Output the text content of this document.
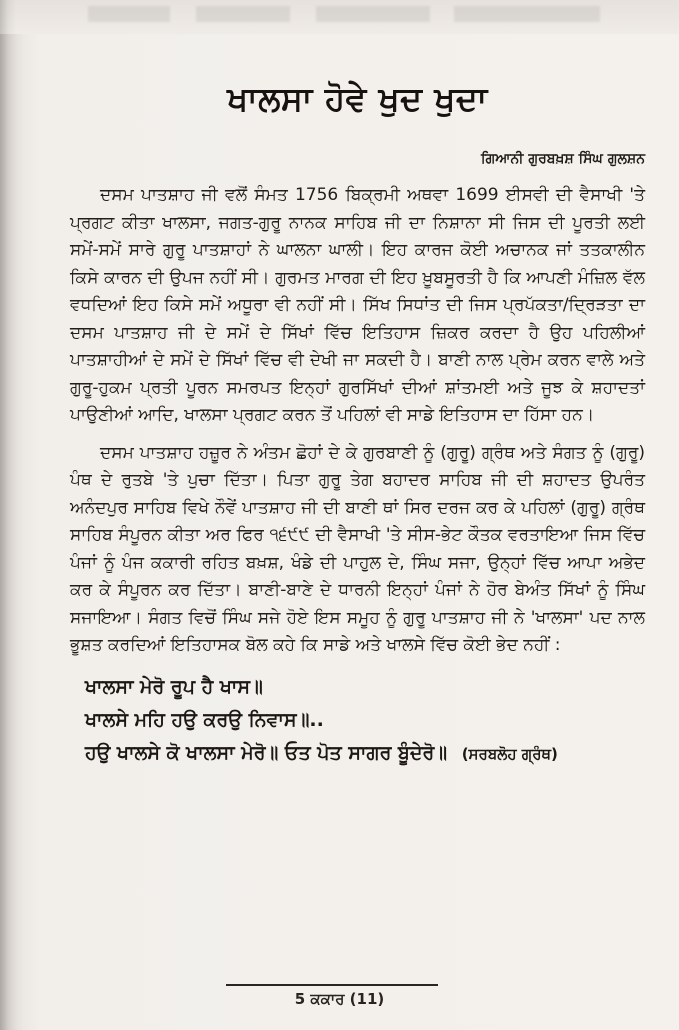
ਖਾਲਸਾ ਹੋਵੇ ਖੁਦ ਖੁਦਾ
ਗਿਆਨੀ ਗੁਰਬਖ਼ਸ਼ ਸਿੰਘ ਗੁਲਸ਼ਨ

ਦਸਮ ਪਾਤਸ਼ਾਹ ਜੀ ਵਲੋਂ ਸੰਮਤ 1756 ਬਿਕ੍ਰਮੀ ਅਥਵਾ 1699 ਈਸਵੀ ਦੀ ਵੈਸਾਖੀ 'ਤੇ ਪ੍ਰਗਟ ਕੀਤਾ ਖਾਲਸਾ, ਜਗਤ-ਗੁਰੂ ਨਾਨਕ ਸਾਹਿਬ ਜੀ ਦਾ ਨਿਸ਼ਾਨਾ ਸੀ ਜਿਸ ਦੀ ਪੂਰਤੀ ਲਈ ਸਮੇਂ-ਸਮੇਂ ਸਾਰੇ ਗੁਰੂ ਪਾਤਸ਼ਾਹਾਂ ਨੇ ਘਾਲਨਾ ਘਾਲੀ। ਇਹ ਕਾਰਜ ਕੋਈ ਅਚਾਨਕ ਜਾਂ ਤਤਕਾਲੀਨ ਕਿਸੇ ਕਾਰਨ ਦੀ ਉਪਜ ਨਹੀਂ ਸੀ। ਗੁਰਮਤ ਮਾਰਗ ਦੀ ਇਹ ਖ਼ੂਬਸੂਰਤੀ ਹੈ ਕਿ ਆਪਣੀ ਮੰਜ਼ਿਲ ਵੱਲ ਵਧਦਿਆਂ ਇਹ ਕਿਸੇ ਸਮੇਂ ਅਧੂਰਾ ਵੀ ਨਹੀਂ ਸੀ। ਸਿੱਖ ਸਿਧਾਂਤ ਦੀ ਜਿਸ ਪ੍ਰਪੱਕਤਾ/ਦ੍ਰਿੜਤਾ ਦਾ ਦਸਮ ਪਾਤਸ਼ਾਹ ਜੀ ਦੇ ਸਮੇਂ ਦੇ ਸਿੱਖਾਂ ਵਿੱਚ ਇਤਿਹਾਸ ਜ਼ਿਕਰ ਕਰਦਾ ਹੈ ਉਹ ਪਹਿਲੀਆਂ ਪਾਤਸ਼ਾਹੀਆਂ ਦੇ ਸਮੇਂ ਦੇ ਸਿੱਖਾਂ ਵਿੱਚ ਵੀ ਦੇਖੀ ਜਾ ਸਕਦੀ ਹੈ। ਬਾਣੀ ਨਾਲ ਪ੍ਰੇਮ ਕਰਨ ਵਾਲੇ ਅਤੇ ਗੁਰੂ-ਹੁਕਮ ਪ੍ਰਤੀ ਪੂਰਨ ਸਮਰਪਤ ਇਨ੍ਹਾਂ ਗੁਰਸਿੱਖਾਂ ਦੀਆਂ ਸ਼ਾਂਤਮਈ ਅਤੇ ਜੂਝ ਕੇ ਸ਼ਹਾਦਤਾਂ ਪਾਉਣੀਆਂ ਆਦਿ, ਖਾਲਸਾ ਪ੍ਰਗਟ ਕਰਨ ਤੋਂ ਪਹਿਲਾਂ ਵੀ ਸਾਡੇ ਇਤਿਹਾਸ ਦਾ ਹਿੱਸਾ ਹਨ।

ਦਸਮ ਪਾਤਸ਼ਾਹ ਹਜ਼ੂਰ ਨੇ ਅੰਤਮ ਛੋਹਾਂ ਦੇ ਕੇ ਗੁਰਬਾਣੀ ਨੂੰ (ਗੁਰੂ) ਗ੍ਰੰਥ ਅਤੇ ਸੰਗਤ ਨੂੰ (ਗੁਰੂ) ਪੰਥ ਦੇ ਰੁਤਬੇ 'ਤੇ ਪੁਚਾ ਦਿੱਤਾ। ਪਿਤਾ ਗੁਰੂ ਤੇਗ ਬਹਾਦਰ ਸਾਹਿਬ ਜੀ ਦੀ ਸ਼ਹਾਦਤ ਉਪਰੰਤ ਅਨੰਦਪੁਰ ਸਾਹਿਬ ਵਿਖੇ ਨੌਵੇਂ ਪਾਤਸ਼ਾਹ ਜੀ ਦੀ ਬਾਣੀ ਥਾਂ ਸਿਰ ਦਰਜ ਕਰ ਕੇ ਪਹਿਲਾਂ (ਗੁਰੂ) ਗ੍ਰੰਥ ਸਾਹਿਬ ਸੰਪੂਰਨ ਕੀਤਾ ਅਰ ਫਿਰ ੧੬੯੯ ਦੀ ਵੈਸਾਖੀ 'ਤੇ ਸੀਸ-ਭੇਟ ਕੌਤਕ ਵਰਤਾਇਆ ਜਿਸ ਵਿੱਚ ਪੰਜਾਂ ਨੂੰ ਪੰਜ ਕਕਾਰੀ ਰਹਿਤ ਬਖ਼ਸ਼, ਖੰਡੇ ਦੀ ਪਾਹੁਲ ਦੇ, ਸਿੰਘ ਸਜਾ, ਉਨ੍ਹਾਂ ਵਿੱਚ ਆਪਾ ਅਭੇਦ ਕਰ ਕੇ ਸੰਪੂਰਨ ਕਰ ਦਿੱਤਾ। ਬਾਣੀ-ਬਾਣੇ ਦੇ ਧਾਰਨੀ ਇਨ੍ਹਾਂ ਪੰਜਾਂ ਨੇ ਹੋਰ ਬੇਅੰਤ ਸਿੱਖਾਂ ਨੂੰ ਸਿੰਘ ਸਜਾਇਆ। ਸੰਗਤ ਵਿਚੋਂ ਸਿੰਘ ਸਜੇ ਹੋਏ ਇਸ ਸਮੂਹ ਨੂੰ ਗੁਰੂ ਪਾਤਸ਼ਾਹ ਜੀ ਨੇ 'ਖਾਲਸਾ' ਪਦ ਨਾਲ ਭੂਸ਼ਤ ਕਰਦਿਆਂ ਇਤਿਹਾਸਕ ਬੋਲ ਕਹੇ ਕਿ ਸਾਡੇ ਅਤੇ ਖਾਲਸੇ ਵਿੱਚ ਕੋਈ ਭੇਦ ਨਹੀਂ :

ਖਾਲਸਾ ਮੇਰੋ ਰੂਪ ਹੈ ਖਾਸ॥

ਖਾਲਸੇ ਮਹਿ ਹਉ ਕਰਉ ਨਿਵਾਸ॥..

ਹਉ ਖਾਲਸੇ ਕੋ ਖਾਲਸਾ ਮੇਰੋ॥ ਓਤ ਪੋਤ ਸਾਗਰ ਬੂੰਦੇਰੋ॥ (ਸਰਬਲੋਹ ਗ੍ਰੰਥ)

5 ਕਕਾਰ (11)
